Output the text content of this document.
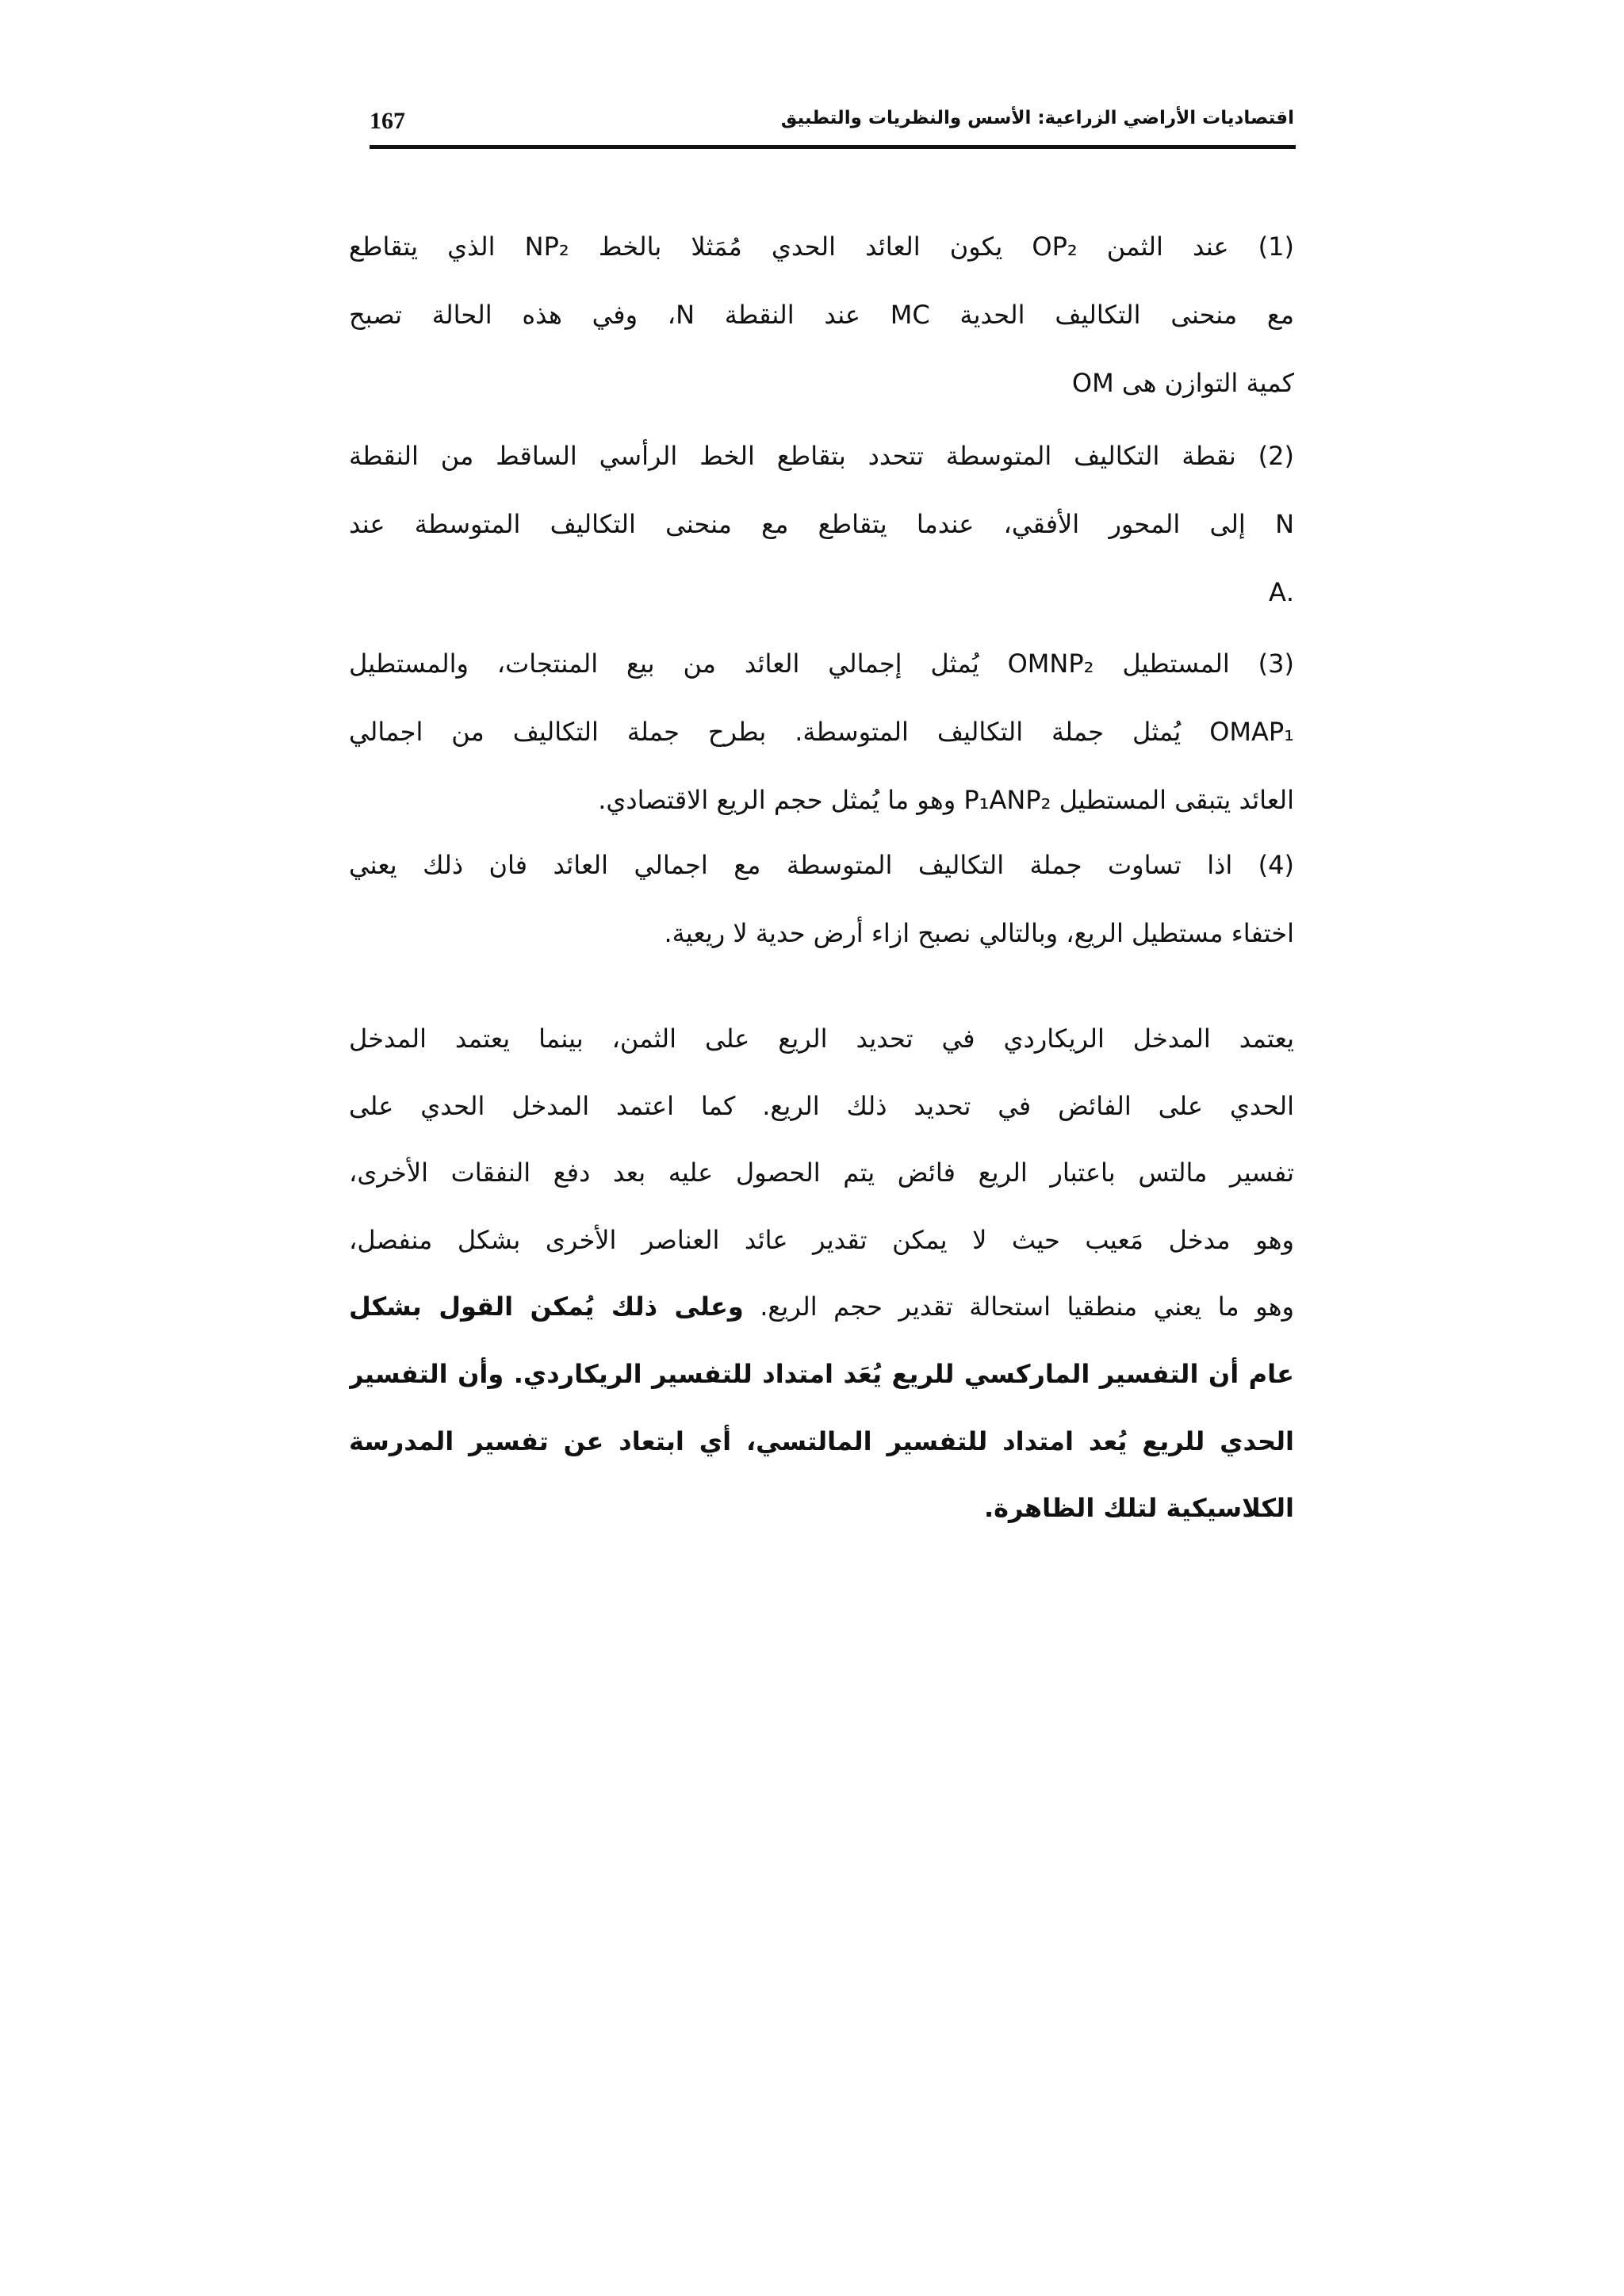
167	اقتصاديات الأراضي الزراعية: الأسس والنظريات والتطبيق
(1) عند الثمن OP₂ يكون العائد الحدي مُمَثلا بالخط NP₂ الذي يتقاطع
مع منحنى التكاليف الحدية MC عند النقطة N، وفي هذه الحالة تصبح
كمية التوازن هى OM
(2) نقطة التكاليف المتوسطة تتحدد بتقاطع الخط الرأسي الساقط من النقطة
N إلى المحور الأفقي، عندما يتقاطع مع منحنى التكاليف المتوسطة عند
.A
(3) المستطيل OMNP₂ يُمثل إجمالي العائد من بيع المنتجات، والمستطيل
OMAP₁ يُمثل جملة التكاليف المتوسطة. بطرح جملة التكاليف من اجمالي
العائد يتبقى المستطيل P₁ANP₂ وهو ما يُمثل حجم الريع الاقتصادي.
(4) اذا تساوت جملة التكاليف المتوسطة مع اجمالي العائد فان ذلك يعني
اختفاء مستطيل الريع، وبالتالي نصبح ازاء أرض حدية لا ريعية.
يعتمد المدخل الريكاردي في تحديد الريع على الثمن، بينما يعتمد المدخل
الحدي على الفائض في تحديد ذلك الريع. كما اعتمد المدخل الحدي على
تفسير مالتس باعتبار الريع فائض يتم الحصول عليه بعد دفع النفقات الأخرى،
وهو مدخل مَعيب حيث لا يمكن تقدير عائد العناصر الأخرى بشكل منفصل،
وهو ما يعني منطقيا استحالة تقدير حجم الريع. وعلى ذلك يُمكن القول بشكل
عام أن التفسير الماركسي للريع يُعَد امتداد للتفسير الريكاردي. وأن التفسير
الحدي للريع يُعد امتداد للتفسير المالتسي، أي ابتعاد عن تفسير المدرسة
الكلاسيكية لتلك الظاهرة.
